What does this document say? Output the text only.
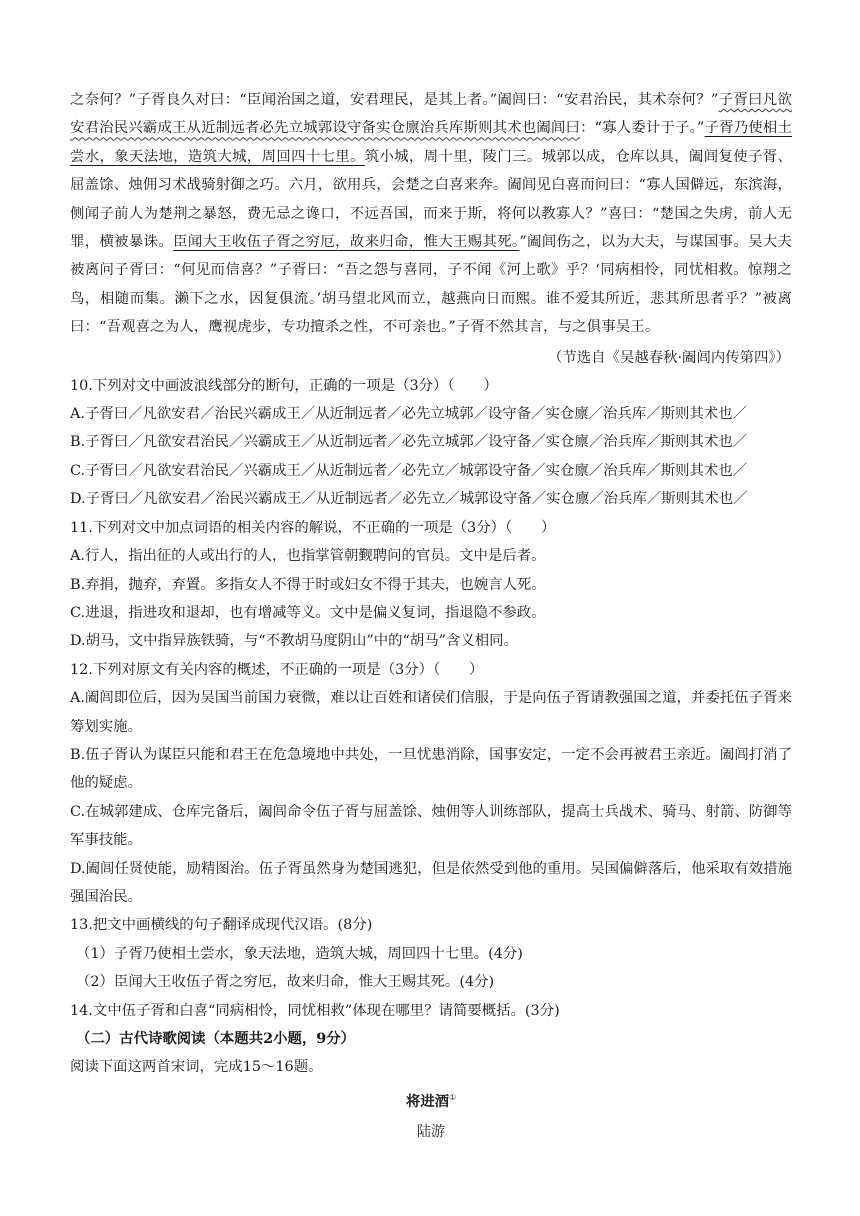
之奈何？”子胥良久对曰：“臣闻治国之道，安君理民，是其上者。”阖闾曰：“安君治民，其术奈何？”子胥曰凡欲安君治民兴霸成王从近制远者必先立城郭设守备实仓廪治兵库斯则其术也阖闾曰：“寡人委计于子。”子胥乃使相土尝水，象天法地，造筑大城，周回四十七里。筑小城，周十里，陵门三。城郭以成，仓库以具，阖闾复使子胥、屈盖馀、烛佣习术战骑射御之巧。六月，欲用兵，会楚之白喜来奔。阖闾见白喜而问曰：“寡人国僻远，东滨海，侧闻子前人为楚荆之暴怒，费无忌之谗口，不远吾国，而来于斯，将何以教寡人？”喜曰：“楚国之失虏，前人无罪，横被暴诛。臣闻大王收伍子胥之穷厄，故来归命，惟大王赐其死。”阖闾伤之，以为大夫，与谋国事。吴大夫被离问子胥曰：“何见而信喜？”子胥曰：“吾之怨与喜同，子不闻《河上歌》乎？‘同病相怜，同忧相救。惊翔之鸟，相随而集。濑下之水，因复俱流。’胡马望北风而立，越燕向日而熙。谁不爱其所近，悲其所思者乎？”被离曰：“吾观喜之为人，鹰视虎步，专功擅杀之性，不可亲也。”子胥不然其言，与之俱事吴王。

（节选自《吴越春秋·阖闾内传第四》）
10.下列对文中画波浪线部分的断句，正确的一项是（3分）（　　）
A.子胥曰／凡欲安君／治民兴霸成王／从近制远者／必先立城郭／设守备／实仓廪／治兵库／斯则其术也／
B.子胥曰／凡欲安君治民／兴霸成王／从近制远者／必先立城郭／设守备／实仓廪／治兵库／斯则其术也／
C.子胥曰／凡欲安君治民／兴霸成王／从近制远者／必先立／城郭设守备／实仓廪／治兵库／斯则其术也／
D.子胥曰／凡欲安君／治民兴霸成王／从近制远者／必先立／城郭设守备／实仓廪／治兵库／斯则其术也／
11.下列对文中加点词语的相关内容的解说，不正确的一项是（3分）（　　）
A.行人，指出征的人或出行的人，也指掌管朝觐聘问的官员。文中是后者。
B.弃捐，抛弃，弃置。多指女人不得于时或妇女不得于其夫，也婉言人死。
C.进退，指进攻和退却，也有增减等义。文中是偏义复词，指退隐不参政。
D.胡马，文中指异族铁骑，与“不教胡马度阴山”中的“胡马”含义相同。
12.下列对原文有关内容的概述，不正确的一项是（3分）（　　）
A.阖闾即位后，因为吴国当前国力衰微，难以让百姓和诸侯们信服，于是向伍子胥请教强国之道，并委托伍子胥来筹划实施。
B.伍子胥认为谋臣只能和君王在危急境地中共处，一旦忧患消除，国事安定，一定不会再被君王亲近。阖闾打消了他的疑虑。
C.在城郭建成、仓库完备后，阖闾命令伍子胥与屈盖馀、烛佣等人训练部队，提高士兵战术、骑马、射箭、防御等军事技能。
D.阖闾任贤使能，励精图治。伍子胥虽然身为楚国逃犯，但是依然受到他的重用。吴国偏僻落后，他采取有效措施强国治民。
13.把文中画横线的句子翻译成现代汉语。(8分)
（1）子胥乃使相土尝水，象天法地，造筑大城，周回四十七里。(4分)
（2）臣闻大王收伍子胥之穷厄，故来归命，惟大王赐其死。(4分)
14.文中伍子胥和白喜“同病相怜，同忧相救”体现在哪里？请简要概括。(3分)
（二）古代诗歌阅读（本题共2小题，9分）
阅读下面这两首宋词，完成15～16题。
将进酒①
陆游
